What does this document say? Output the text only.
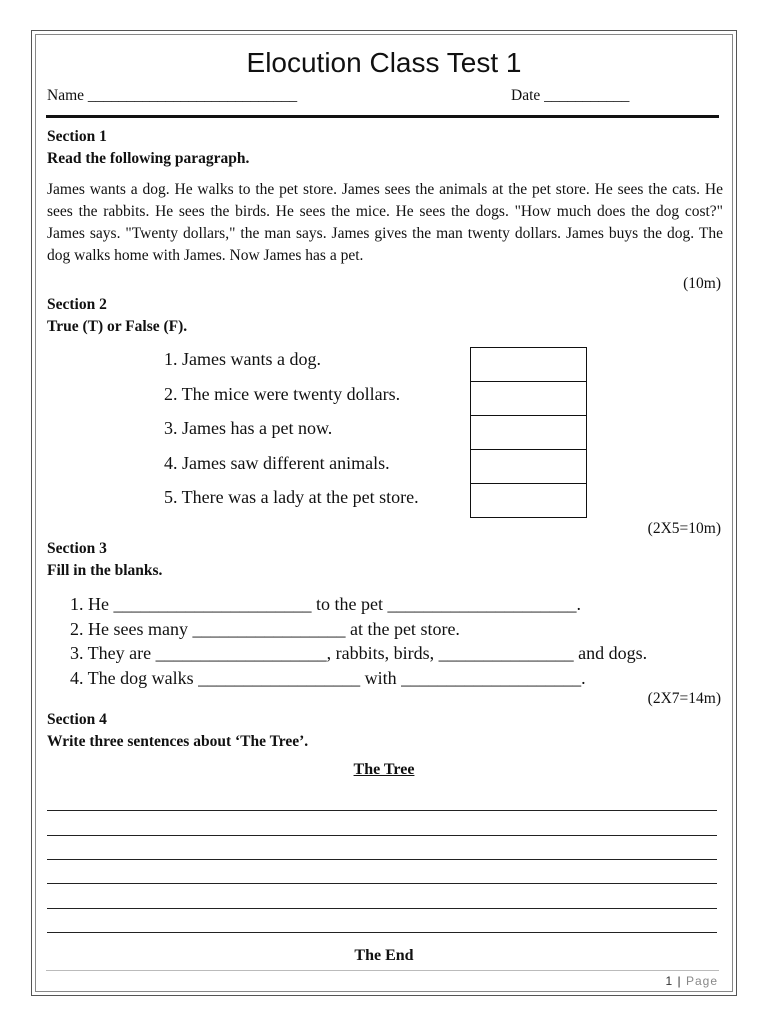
Elocution Class Test 1
Name ___________________________	Date ___________
Section 1
Read the following paragraph.

James wants a dog. He walks to the pet store. James sees the animals at the pet store. He sees the cats. He sees the rabbits. He sees the birds. He sees the mice. He sees the dogs. "How much does the dog cost?" James says. "Twenty dollars," the man says. James gives the man twenty dollars. James buys the dog. The dog walks home with James. Now James has a pet.

(10m)
Section 2
True (T) or False (F).
1. James wants a dog.
2. The mice were twenty dollars.
3. James has a pet now.
4. James saw different animals.
5. There was a lady at the pet store.
(2X5=10m)
Section 3
Fill in the blanks.
1. He ______________________ to the pet _____________________.
2. He sees many _________________ at the pet store.
3. They are ___________________, rabbits, birds, _______________ and dogs.
4. The dog walks __________________ with ____________________.
(2X7=14m)
Section 4
Write three sentences about ‘The Tree’.
The Tree
The End
1 | Page
